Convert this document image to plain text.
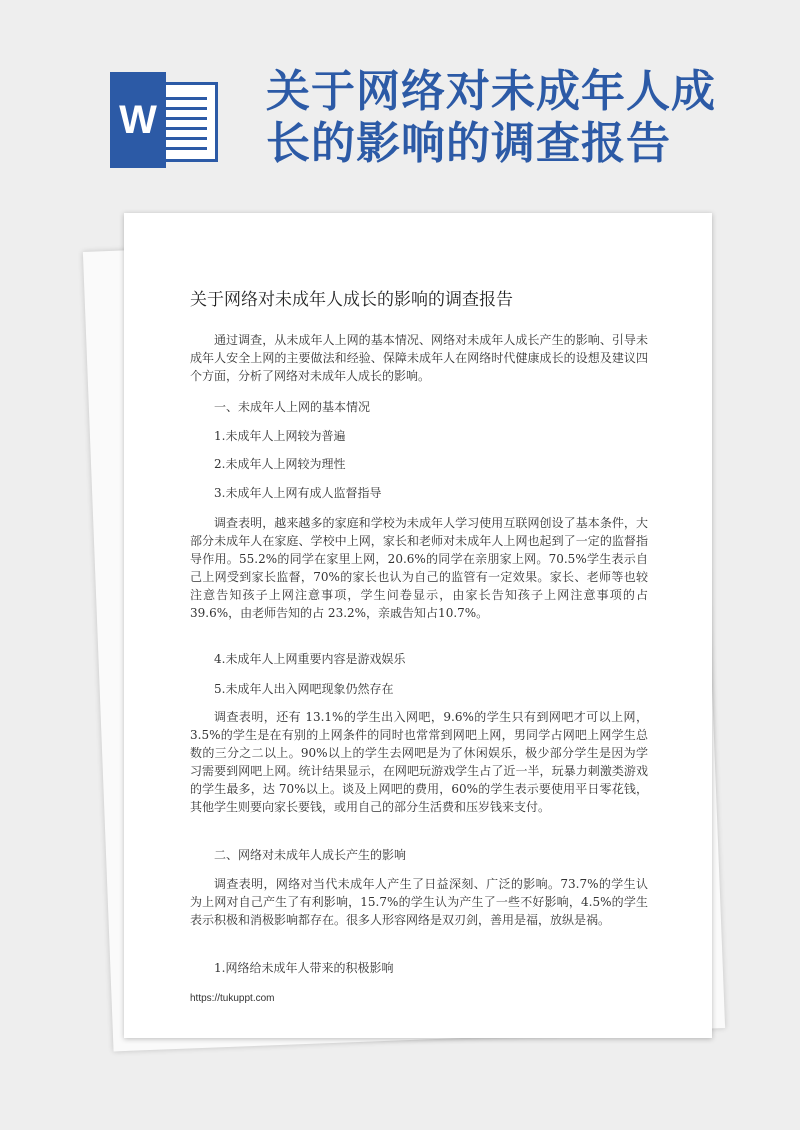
W
关于网络对未成年人成长的影响的调查报告
关于网络对未成年人成长的影响的调查报告

通过调查，从未成年人上网的基本情况、网络对未成年人成长产生的影响、引导未成年人安全上网的主要做法和经验、保障未成年人在网络时代健康成长的设想及建议四个方面，分析了网络对未成年人成长的影响。

一、未成年人上网的基本情况

1.未成年人上网较为普遍

2.未成年人上网较为理性

3.未成年人上网有成人监督指导

调查表明，越来越多的家庭和学校为未成年人学习使用互联网创设了基本条件，大部分未成年人在家庭、学校中上网，家长和老师对未成年人上网也起到了一定的监督指导作用。55.2%的同学在家里上网，20.6%的同学在亲朋家上网。70.5%学生表示自己上网受到家长监督，70%的家长也认为自己的监管有一定效果。家长、老师等也较注意告知孩子上网注意事项，学生问卷显示，由家长告知孩子上网注意事项的占 39.6%，由老师告知的占 23.2%，亲戚告知占10.7%。

4.未成年人上网重要内容是游戏娱乐

5.未成年人出入网吧现象仍然存在

调查表明，还有 13.1%的学生出入网吧，9.6%的学生只有到网吧才可以上网，3.5%的学生是在有别的上网条件的同时也常常到网吧上网，男同学占网吧上网学生总数的三分之二以上。90%以上的学生去网吧是为了休闲娱乐，极少部分学生是因为学习需要到网吧上网。统计结果显示，在网吧玩游戏学生占了近一半，玩暴力刺激类游戏的学生最多，达 70%以上。谈及上网吧的费用，60%的学生表示要使用平日零花钱，其他学生则要向家长要钱，或用自己的部分生活费和压岁钱来支付。

二、网络对未成年人成长产生的影响

调查表明，网络对当代未成年人产生了日益深刻、广泛的影响。73.7%的学生认为上网对自己产生了有利影响，15.7%的学生认为产生了一些不好影响，4.5%的学生表示积极和消极影响都存在。很多人形容网络是双刃剑，善用是福，放纵是祸。

1.网络给未成年人带来的积极影响

https://tukuppt.com
